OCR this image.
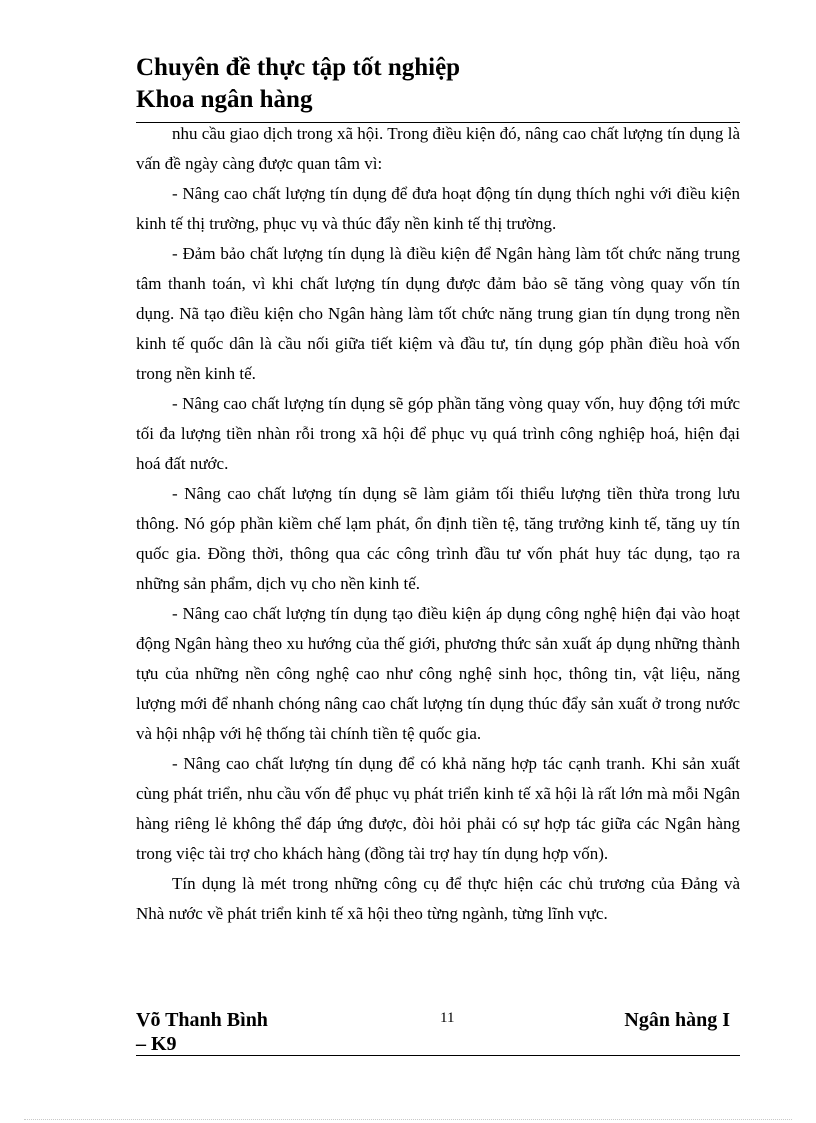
Chuyên đề thực tập tốt nghiệp
Khoa ngân hàng

nhu cầu giao dịch trong xã hội. Trong điều kiện đó, nâng cao chất lượng tín dụng là vấn đề ngày càng được quan tâm vì:

- Nâng cao chất lượng tín dụng để đưa hoạt động tín dụng thích nghi với điều kiện kinh tế thị trường, phục vụ và thúc đẩy nền kinh tế thị trường.

- Đảm bảo chất lượng tín dụng là điều kiện để Ngân hàng làm tốt chức năng trung tâm thanh toán, vì khi chất lượng tín dụng được đảm bảo sẽ tăng vòng quay vốn tín dụng. Nã tạo điều kiện cho Ngân hàng làm tốt chức năng trung gian tín dụng trong nền kinh tế quốc dân là cầu nối giữa tiết kiệm và đầu tư, tín dụng góp phần điều hoà vốn trong nền kinh tế.

- Nâng cao chất lượng tín dụng sẽ góp phần tăng vòng quay vốn, huy động tới mức tối đa lượng tiền nhàn rỗi trong xã hội để phục vụ quá trình công nghiệp hoá, hiện đại hoá đất nước.

- Nâng cao chất lượng tín dụng sẽ làm giảm tối thiểu lượng tiền thừa trong lưu thông. Nó góp phần kiềm chế lạm phát, ổn định tiền tệ, tăng trưởng kinh tế, tăng uy tín quốc gia. Đồng thời, thông qua các công trình đầu tư vốn phát huy tác dụng, tạo ra những sản phẩm, dịch vụ cho nền kinh tế.

- Nâng cao chất lượng tín dụng tạo điều kiện áp dụng công nghệ hiện đại vào hoạt động Ngân hàng theo xu hướng của thế giới, phương thức sản xuất áp dụng những thành tựu của những nền công nghệ cao như công nghệ sinh học, thông tin, vật liệu, năng lượng mới để nhanh chóng nâng cao chất lượng tín dụng thúc đẩy sản xuất ở trong nước và hội nhập với hệ thống tài chính tiền tệ quốc gia.

- Nâng cao chất lượng tín dụng để có khả năng hợp tác cạnh tranh. Khi sản xuất cùng phát triển, nhu cầu vốn để phục vụ phát triển kinh tế xã hội là rất lớn mà mỗi Ngân hàng riêng lẻ không thể đáp ứng được, đòi hỏi phải có sự hợp tác giữa các Ngân hàng trong việc tài trợ cho khách hàng (đồng tài trợ hay tín dụng hợp vốn).

Tín dụng là mét trong những công cụ để thực hiện các chủ trương của Đảng và Nhà nước về phát triển kinh tế xã hội theo từng ngành, từng lĩnh vực.

Võ Thanh Bình
– K9
11	Ngân hàng I
